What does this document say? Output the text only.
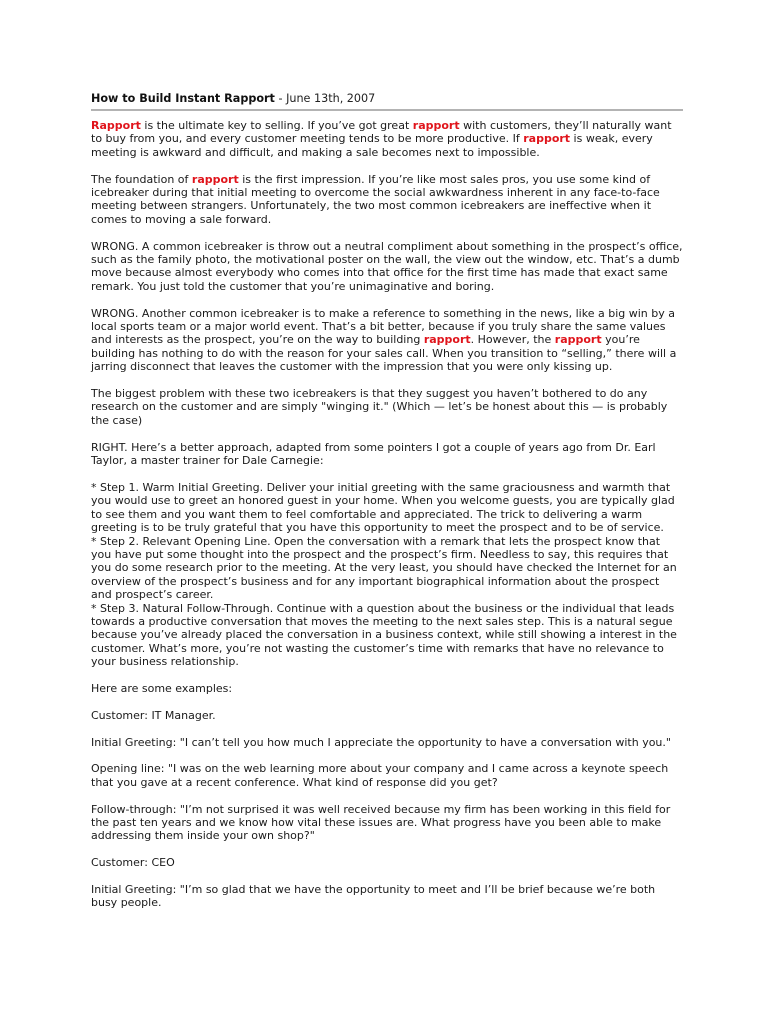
How to Build Instant Rapport - June 13th, 2007

Rapport is the ultimate key to selling. If you’ve got great rapport with customers, they’ll naturally want to buy from you, and every customer meeting tends to be more productive. If rapport is weak, every meeting is awkward and difficult, and making a sale becomes next to impossible.

The foundation of rapport is the first impression. If you’re like most sales pros, you use some kind of icebreaker during that initial meeting to overcome the social awkwardness inherent in any face-to-face meeting between strangers. Unfortunately, the two most common icebreakers are ineffective when it comes to moving a sale forward.

WRONG. A common icebreaker is throw out a neutral compliment about something in the prospect’s office, such as the family photo, the motivational poster on the wall, the view out the window, etc. That’s a dumb move because almost everybody who comes into that office for the first time has made that exact same remark. You just told the customer that you’re unimaginative and boring.

WRONG. Another common icebreaker is to make a reference to something in the news, like a big win by a local sports team or a major world event. That’s a bit better, because if you truly share the same values and interests as the prospect, you’re on the way to building rapport. However, the rapport you’re building has nothing to do with the reason for your sales call. When you transition to “selling,” there will a jarring disconnect that leaves the customer with the impression that you were only kissing up.

The biggest problem with these two icebreakers is that they suggest you haven’t bothered to do any research on the customer and are simply "winging it." (Which — let’s be honest about this — is probably the case)

RIGHT. Here’s a better approach, adapted from some pointers I got a couple of years ago from Dr. Earl Taylor, a master trainer for Dale Carnegie:

* Step 1. Warm Initial Greeting. Deliver your initial greeting with the same graciousness and warmth that you would use to greet an honored guest in your home. When you welcome guests, you are typically glad to see them and you want them to feel comfortable and appreciated. The trick to delivering a warm greeting is to be truly grateful that you have this opportunity to meet the prospect and to be of service.
* Step 2. Relevant Opening Line. Open the conversation with a remark that lets the prospect know that you have put some thought into the prospect and the prospect’s firm. Needless to say, this requires that you do some research prior to the meeting. At the very least, you should have checked the Internet for an overview of the prospect’s business and for any important biographical information about the prospect and prospect’s career.
* Step 3. Natural Follow-Through. Continue with a question about the business or the individual that leads towards a productive conversation that moves the meeting to the next sales step. This is a natural segue because you’ve already placed the conversation in a business context, while still showing a interest in the customer. What’s more, you’re not wasting the customer’s time with remarks that have no relevance to your business relationship.

Here are some examples:

Customer: IT Manager.

Initial Greeting: "I can’t tell you how much I appreciate the opportunity to have a conversation with you."

Opening line: "I was on the web learning more about your company and I came across a keynote speech that you gave at a recent conference. What kind of response did you get?

Follow-through: "I’m not surprised it was well received because my firm has been working in this field for the past ten years and we know how vital these issues are. What progress have you been able to make addressing them inside your own shop?"

Customer: CEO

Initial Greeting: "I’m so glad that we have the opportunity to meet and I’ll be brief because we’re both busy people.
